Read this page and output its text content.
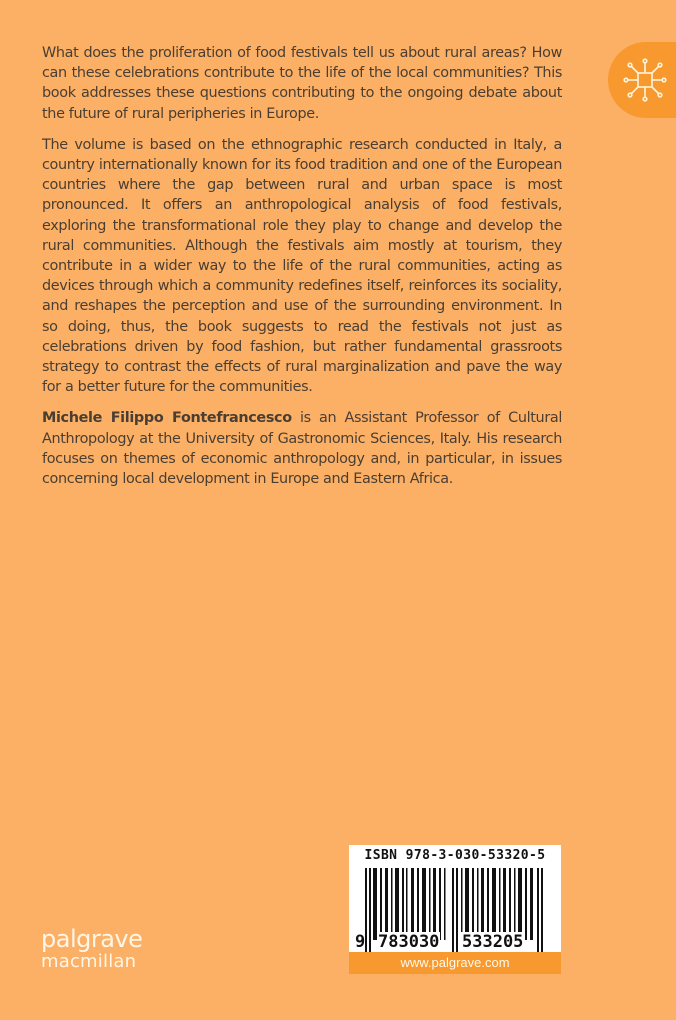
What does the proliferation of food festivals tell us about rural areas? How can these celebrations contribute to the life of the local communities? This book addresses these questions contributing to the ongoing debate about the future of rural peripheries in Europe.

The volume is based on the ethnographic research conducted in Italy, a country internationally known for its food tradition and one of the European countries where the gap between rural and urban space is most pronounced. It offers an anthropological analysis of food festivals, exploring the transformational role they play to change and develop the rural communities. Although the festivals aim mostly at tourism, they contribute in a wider way to the life of the rural communities, acting as devices through which a community redefines itself, reinforces its sociality, and reshapes the perception and use of the surrounding environment. In so doing, thus, the book suggests to read the festivals not just as celebrations driven by food fashion, but rather fundamental grassroots strategy to contrast the effects of rural marginalization and pave the way for a better future for the communities.

Michele Filippo Fontefrancesco is an Assistant Professor of Cultural Anthropology at the University of Gastronomic Sciences, Italy. His research focuses on themes of economic anthropology and, in particular, in issues concerning local development in Europe and Eastern Africa.

ISBN 978-3-030-53320-5
9 783030 533205
www.palgrave.com
palgrave
macmillan
